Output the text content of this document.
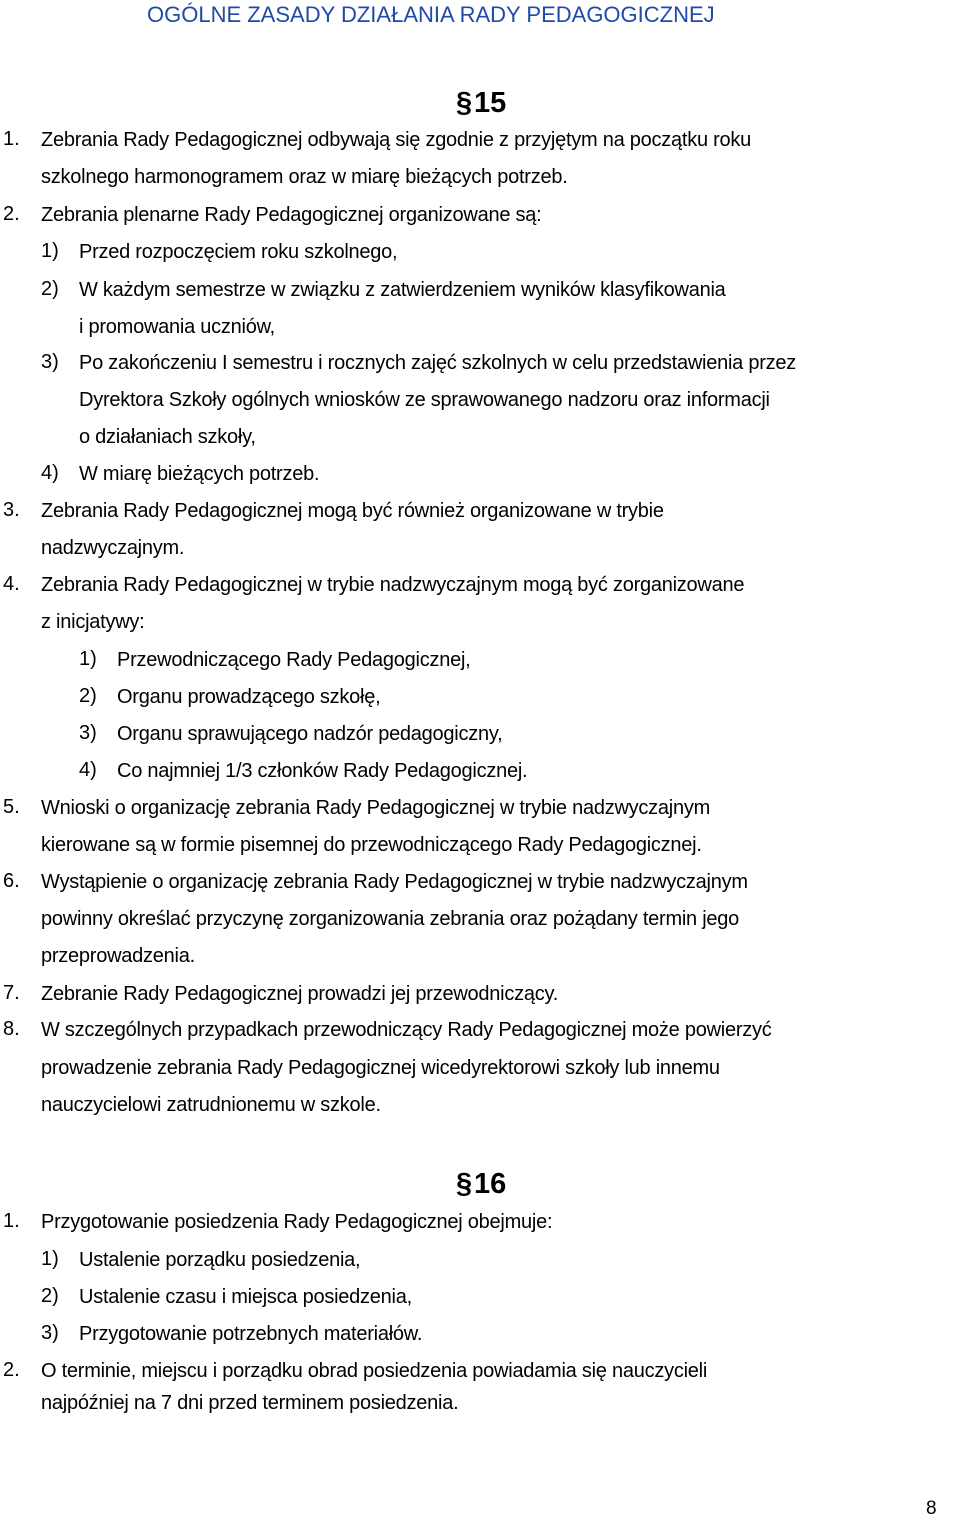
OGÓLNE ZASADY DZIAŁANIA RADY PEDAGOGICZNEJ
§15
1. Zebrania Rady Pedagogicznej odbywają się zgodnie z przyjętym na początku roku
szkolnego harmonogramem oraz w miarę bieżących potrzeb.
2. Zebrania plenarne Rady Pedagogicznej organizowane są:
1) Przed rozpoczęciem roku szkolnego,
2) W każdym semestrze w związku z zatwierdzeniem wyników klasyfikowania
i promowania uczniów,
3) Po zakończeniu I semestru i rocznych zajęć szkolnych w celu przedstawienia przez
Dyrektora Szkoły ogólnych wniosków ze sprawowanego nadzoru oraz informacji
o działaniach szkoły,
4) W miarę bieżących potrzeb.
3. Zebrania Rady Pedagogicznej mogą być również organizowane w trybie
nadzwyczajnym.
4. Zebrania Rady Pedagogicznej w trybie nadzwyczajnym mogą być zorganizowane
z inicjatywy:
1) Przewodniczącego Rady Pedagogicznej,
2) Organu prowadzącego szkołę,
3) Organu sprawującego nadzór pedagogiczny,
4) Co najmniej 1/3 członków Rady Pedagogicznej.
5. Wnioski o organizację zebrania Rady Pedagogicznej w trybie nadzwyczajnym
kierowane są w formie pisemnej do przewodniczącego Rady Pedagogicznej.
6. Wystąpienie o organizację zebrania Rady Pedagogicznej w trybie nadzwyczajnym
powinny określać przyczynę zorganizowania zebrania oraz pożądany termin jego
przeprowadzenia.
7. Zebranie Rady Pedagogicznej prowadzi jej przewodniczący.
8. W szczególnych przypadkach przewodniczący Rady Pedagogicznej może powierzyć
prowadzenie zebrania Rady Pedagogicznej wicedyrektorowi szkoły lub innemu
nauczycielowi zatrudnionemu w szkole.
§16
1. Przygotowanie posiedzenia Rady Pedagogicznej obejmuje:
1) Ustalenie porządku posiedzenia,
2) Ustalenie czasu i miejsca posiedzenia,
3) Przygotowanie potrzebnych materiałów.
2. O terminie, miejscu i porządku obrad posiedzenia powiadamia się nauczycieli
najpóźniej na 7 dni przed terminem posiedzenia.
8
